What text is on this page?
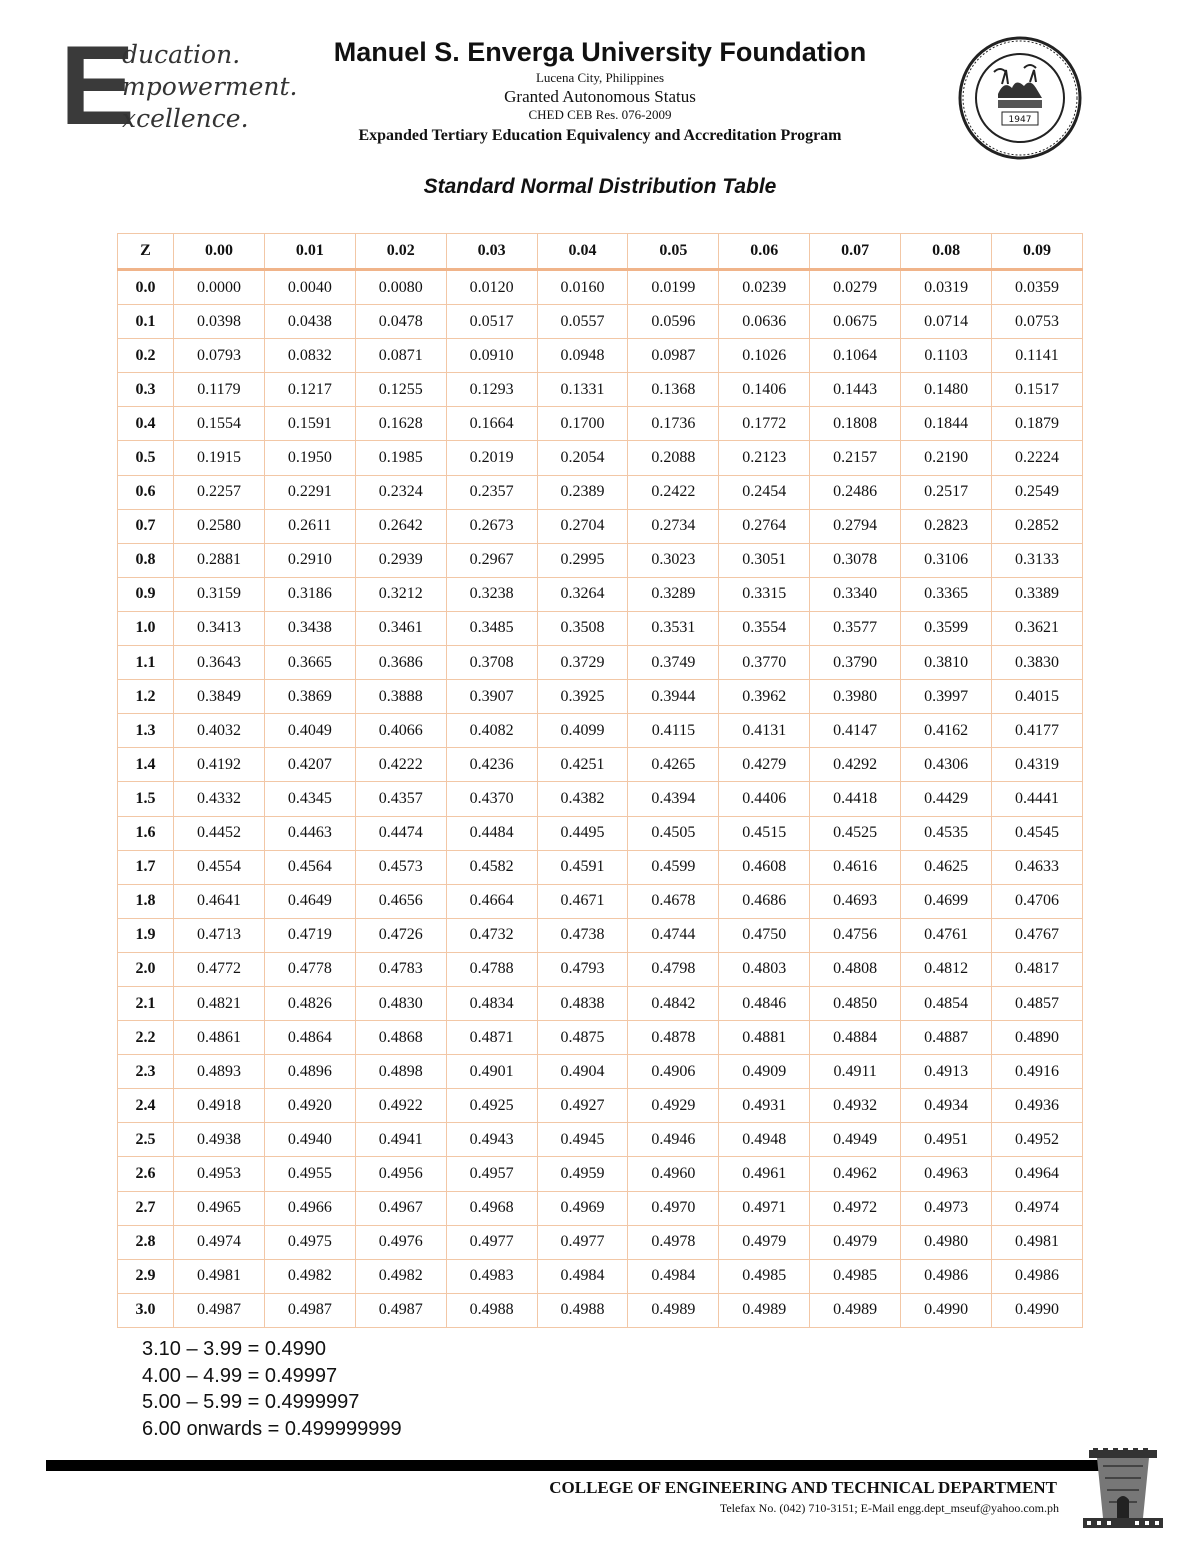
E
ducation.
mpowerment.
xcellence.
Manuel S. Enverga University Foundation
Lucena City, Philippines
Granted Autonomous Status
CHED CEB Res. 076-2009
Expanded Tertiary Education Equivalency and Accreditation Program
1947
Standard Normal Distribution Table
Z	0.00	0.01	0.02	0.03	0.04	0.05	0.06	0.07	0.08	0.09
0.0	0.0000	0.0040	0.0080	0.0120	0.0160	0.0199	0.0239	0.0279	0.0319	0.0359
0.1	0.0398	0.0438	0.0478	0.0517	0.0557	0.0596	0.0636	0.0675	0.0714	0.0753
0.2	0.0793	0.0832	0.0871	0.0910	0.0948	0.0987	0.1026	0.1064	0.1103	0.1141
0.3	0.1179	0.1217	0.1255	0.1293	0.1331	0.1368	0.1406	0.1443	0.1480	0.1517
0.4	0.1554	0.1591	0.1628	0.1664	0.1700	0.1736	0.1772	0.1808	0.1844	0.1879
0.5	0.1915	0.1950	0.1985	0.2019	0.2054	0.2088	0.2123	0.2157	0.2190	0.2224
0.6	0.2257	0.2291	0.2324	0.2357	0.2389	0.2422	0.2454	0.2486	0.2517	0.2549
0.7	0.2580	0.2611	0.2642	0.2673	0.2704	0.2734	0.2764	0.2794	0.2823	0.2852
0.8	0.2881	0.2910	0.2939	0.2967	0.2995	0.3023	0.3051	0.3078	0.3106	0.3133
0.9	0.3159	0.3186	0.3212	0.3238	0.3264	0.3289	0.3315	0.3340	0.3365	0.3389
1.0	0.3413	0.3438	0.3461	0.3485	0.3508	0.3531	0.3554	0.3577	0.3599	0.3621
1.1	0.3643	0.3665	0.3686	0.3708	0.3729	0.3749	0.3770	0.3790	0.3810	0.3830
1.2	0.3849	0.3869	0.3888	0.3907	0.3925	0.3944	0.3962	0.3980	0.3997	0.4015
1.3	0.4032	0.4049	0.4066	0.4082	0.4099	0.4115	0.4131	0.4147	0.4162	0.4177
1.4	0.4192	0.4207	0.4222	0.4236	0.4251	0.4265	0.4279	0.4292	0.4306	0.4319
1.5	0.4332	0.4345	0.4357	0.4370	0.4382	0.4394	0.4406	0.4418	0.4429	0.4441
1.6	0.4452	0.4463	0.4474	0.4484	0.4495	0.4505	0.4515	0.4525	0.4535	0.4545
1.7	0.4554	0.4564	0.4573	0.4582	0.4591	0.4599	0.4608	0.4616	0.4625	0.4633
1.8	0.4641	0.4649	0.4656	0.4664	0.4671	0.4678	0.4686	0.4693	0.4699	0.4706
1.9	0.4713	0.4719	0.4726	0.4732	0.4738	0.4744	0.4750	0.4756	0.4761	0.4767
2.0	0.4772	0.4778	0.4783	0.4788	0.4793	0.4798	0.4803	0.4808	0.4812	0.4817
2.1	0.4821	0.4826	0.4830	0.4834	0.4838	0.4842	0.4846	0.4850	0.4854	0.4857
2.2	0.4861	0.4864	0.4868	0.4871	0.4875	0.4878	0.4881	0.4884	0.4887	0.4890
2.3	0.4893	0.4896	0.4898	0.4901	0.4904	0.4906	0.4909	0.4911	0.4913	0.4916
2.4	0.4918	0.4920	0.4922	0.4925	0.4927	0.4929	0.4931	0.4932	0.4934	0.4936
2.5	0.4938	0.4940	0.4941	0.4943	0.4945	0.4946	0.4948	0.4949	0.4951	0.4952
2.6	0.4953	0.4955	0.4956	0.4957	0.4959	0.4960	0.4961	0.4962	0.4963	0.4964
2.7	0.4965	0.4966	0.4967	0.4968	0.4969	0.4970	0.4971	0.4972	0.4973	0.4974
2.8	0.4974	0.4975	0.4976	0.4977	0.4977	0.4978	0.4979	0.4979	0.4980	0.4981
2.9	0.4981	0.4982	0.4982	0.4983	0.4984	0.4984	0.4985	0.4985	0.4986	0.4986
3.0	0.4987	0.4987	0.4987	0.4988	0.4988	0.4989	0.4989	0.4989	0.4990	0.4990
3.10 – 3.99 = 0.4990
4.00 – 4.99 = 0.49997
5.00 – 5.99 = 0.4999997
6.00 onwards = 0.499999999
COLLEGE OF ENGINEERING AND TECHNICAL DEPARTMENT
Telefax No. (042) 710-3151; E-Mail engg.dept_mseuf@yahoo.com.ph
